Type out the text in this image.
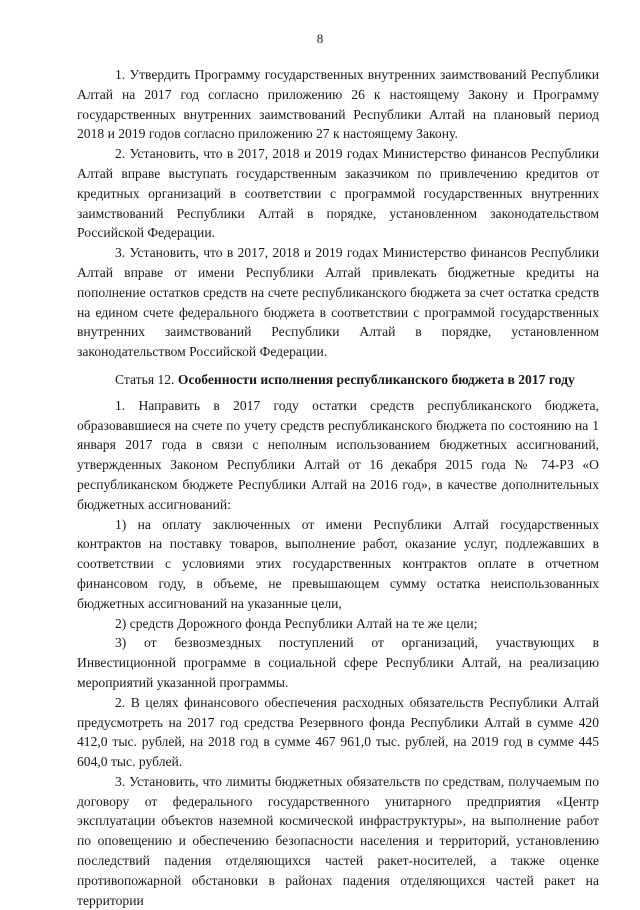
8

1. Утвердить Программу государственных внутренних заимствований Республики Алтай на 2017 год согласно приложению 26 к настоящему Закону и Программу государственных внутренних заимствований Республики Алтай на плановый период 2018 и 2019 годов согласно приложению 27 к настоящему Закону.

2. Установить, что в 2017, 2018 и 2019 годах Министерство финансов Республики Алтай вправе выступать государственным заказчиком по привлечению кредитов от кредитных организаций в соответствии с программой государственных внутренних заимствований Республики Алтай в порядке, установленном законодательством Российской Федерации.

3. Установить, что в 2017, 2018 и 2019 годах Министерство финансов Республики Алтай вправе от имени Республики Алтай привлекать бюджетные кредиты на пополнение остатков средств на счете республиканского бюджета за счет остатка средств на едином счете федерального бюджета в соответствии с программой государственных внутренних заимствований Республики Алтай в порядке, установленном законодательством Российской Федерации.

Статья 12. Особенности исполнения республиканского бюджета в 2017 году

1. Направить в 2017 году остатки средств республиканского бюджета, образовавшиеся на счете по учету средств республиканского бюджета по состоянию на 1 января 2017 года в связи с неполным использованием бюджетных ассигнований, утвержденных Законом Республики Алтай от 16 декабря 2015 года № 74-РЗ «О республиканском бюджете Республики Алтай на 2016 год», в качестве дополнительных бюджетных ассигнований:

1) на оплату заключенных от имени Республики Алтай государственных контрактов на поставку товаров, выполнение работ, оказание услуг, подлежавших в соответствии с условиями этих государственных контрактов оплате в отчетном финансовом году, в объеме, не превышающем сумму остатка неиспользованных бюджетных ассигнований на указанные цели,

2) средств Дорожного фонда Республики Алтай на те же цели;

3) от безвозмездных поступлений от организаций, участвующих в Инвестиционной программе в социальной сфере Республики Алтай, на реализацию мероприятий указанной программы.

2. В целях финансового обеспечения расходных обязательств Республики Алтай предусмотреть на 2017 год средства Резервного фонда Республики Алтай в сумме 420 412,0 тыс. рублей, на 2018 год в сумме 467 961,0 тыс. рублей, на 2019 год в сумме 445 604,0 тыс. рублей.

3. Установить, что лимиты бюджетных обязательств по средствам, получаемым по договору от федерального государственного унитарного предприятия «Центр эксплуатации объектов наземной космической инфраструктуры», на выполнение работ по оповещению и обеспечению безопасности населения и территорий, установлению последствий падения отделяющихся частей ракет-носителей, а также оценке противопожарной обстановки в районах падения отделяющихся частей ракет на территории
